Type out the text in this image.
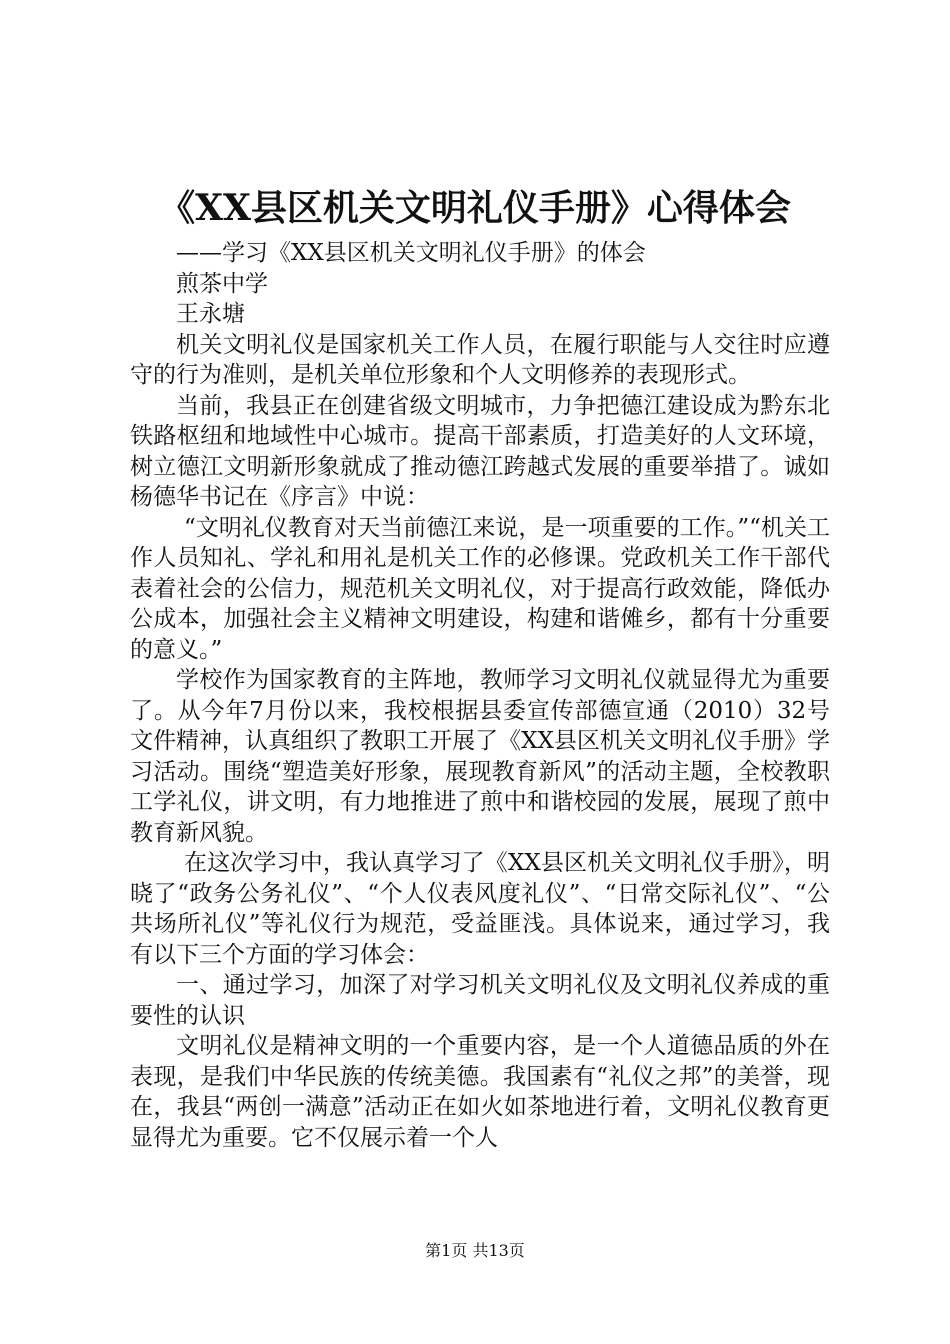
《XX县区机关文明礼仪手册》心得体会
——学习《XX县区机关文明礼仪手册》的体会
煎茶中学
王永塘

机关文明礼仪是国家机关工作人员，在履行职能与人交往时应遵守的行为准则，是机关单位形象和个人文明修养的表现形式。

当前，我县正在创建省级文明城市，力争把德江建设成为黔东北铁路枢纽和地域性中心城市。提高干部素质，打造美好的人文环境，树立德江文明新形象就成了推动德江跨越式发展的重要举措了。诚如杨德华书记在《序言》中说：

“文明礼仪教育对天当前德江来说，是一项重要的工作。”“机关工作人员知礼、学礼和用礼是机关工作的必修课。党政机关工作干部代表着社会的公信力，规范机关文明礼仪，对于提高行政效能，降低办公成本，加强社会主义精神文明建设，构建和谐傩乡，都有十分重要的意义。”

学校作为国家教育的主阵地，教师学习文明礼仪就显得尤为重要了。从今年7月份以来，我校根据县委宣传部德宣通（2010）32号文件精神，认真组织了教职工开展了《XX县区机关文明礼仪手册》学习活动。围绕“塑造美好形象，展现教育新风”的活动主题，全校教职工学礼仪，讲文明，有力地推进了煎中和谐校园的发展，展现了煎中教育新风貌。

在这次学习中，我认真学习了《XX县区机关文明礼仪手册》，明晓了“政务公务礼仪”、“个人仪表风度礼仪”、“日常交际礼仪”、“公共场所礼仪”等礼仪行为规范，受益匪浅。具体说来，通过学习，我有以下三个方面的学习体会：

一、通过学习，加深了对学习机关文明礼仪及文明礼仪养成的重要性的认识

文明礼仪是精神文明的一个重要内容，是一个人道德品质的外在表现，是我们中华民族的传统美德。我国素有“礼仪之邦”的美誉，现在，我县“两创一满意”活动正在如火如茶地进行着，文明礼仪教育更显得尤为重要。它不仅展示着一个人

第1页 共13页
